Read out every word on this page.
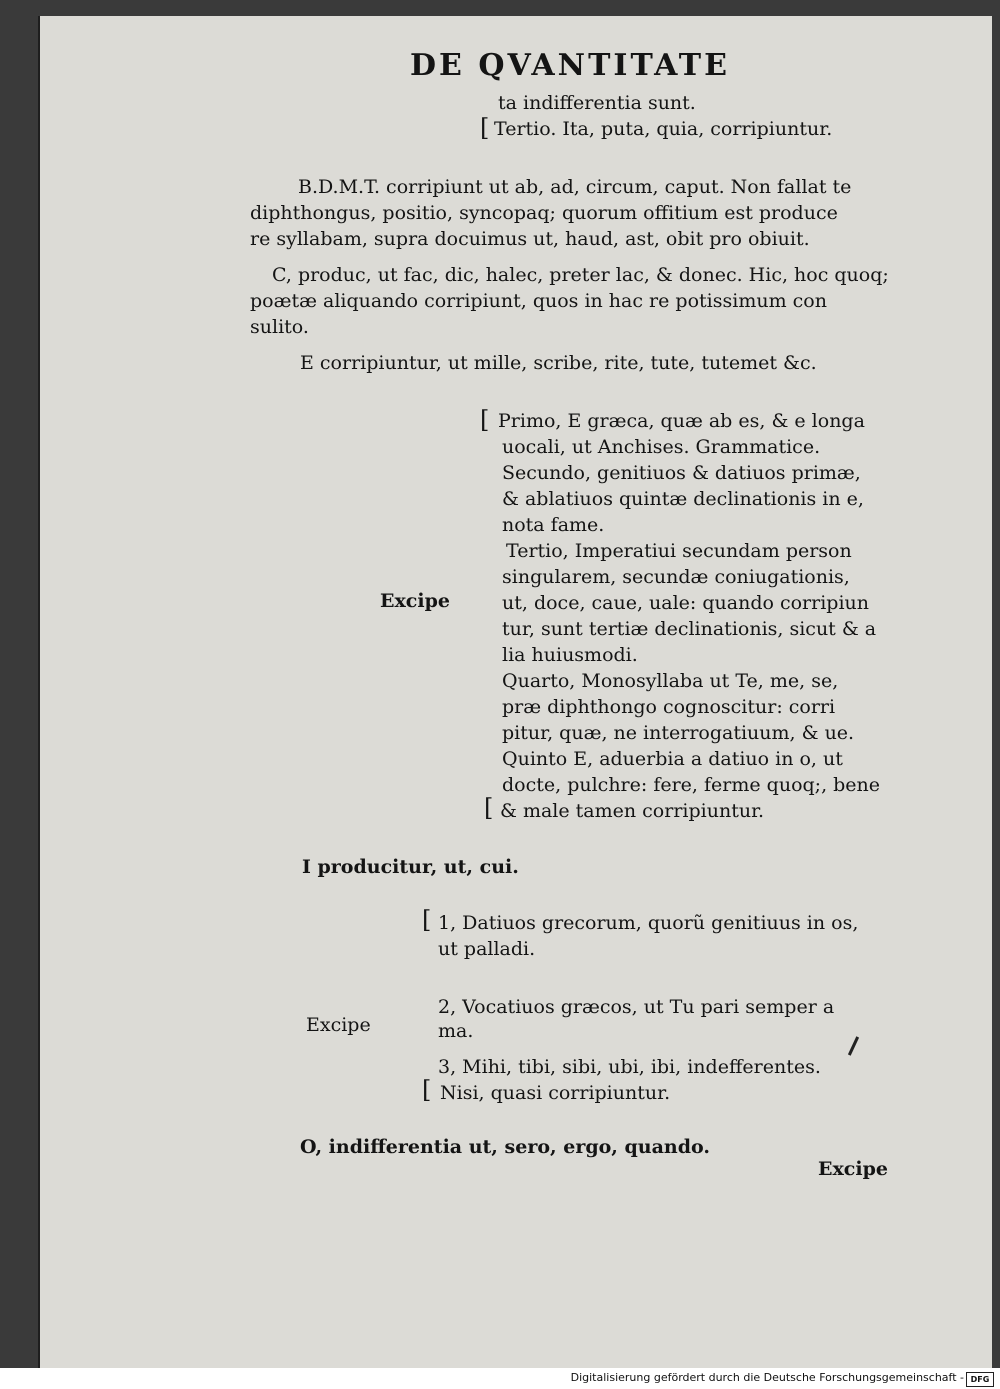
DE QVANTITATE
ta indifferentia sunt.
[ Tertio. Ita, puta, quia, corripiuntur.
B.D.M.T. corripiunt ut ab, ad, circum, caput. Non fallat te
diphthongus, positio, syncopaq; quorum offitium est produce
re syllabam, supra docuimus ut, haud, ast, obit pro obiuit.
C, produc, ut fac, dic, halec, preter lac, & donec. Hic, hoc quoq;
poætæ aliquando corripiunt, quos in hac re potissimum con
sulito.
E corripiuntur, ut mille, scribe, rite, tute, tutemet &c.
[
Excipe
Primo, E græca, quæ ab es, & e longa
uocali, ut Anchises. Grammatice.
Secundo, genitiuos & datiuos primæ,
& ablatiuos quintæ declinationis in e,
nota fame.
Tertio, Imperatiui secundam person
singularem, secundæ coniugationis,
ut, doce, caue, uale: quando corripiun
tur, sunt tertiæ declinationis, sicut & a
lia huiusmodi.
Quarto, Monosyllaba ut Te, me, se,
præ diphthongo cognoscitur: corri
pitur, quæ, ne interrogatiuum, & ue.
Quinto E, aduerbia a datiuo in o, ut
docte, pulchre: fere, ferme quoq;, bene
[ & male tamen corripiuntur.
I producitur, ut, cui.
[ 1, Datiuos grecorum, quorũ genitiuus in os,
ut palladi.
2, Vocatiuos græcos, ut Tu pari semper a
ma.
Excipe
3, Mihi, tibi, sibi, ubi, ibi, indefferentes.
[ Nisi, quasi corripiuntur.
O, indifferentia ut, sero, ergo, quando.
Excipe
Digitalisierung gefördert durch die Deutsche Forschungsgemeinschaft - DFG
